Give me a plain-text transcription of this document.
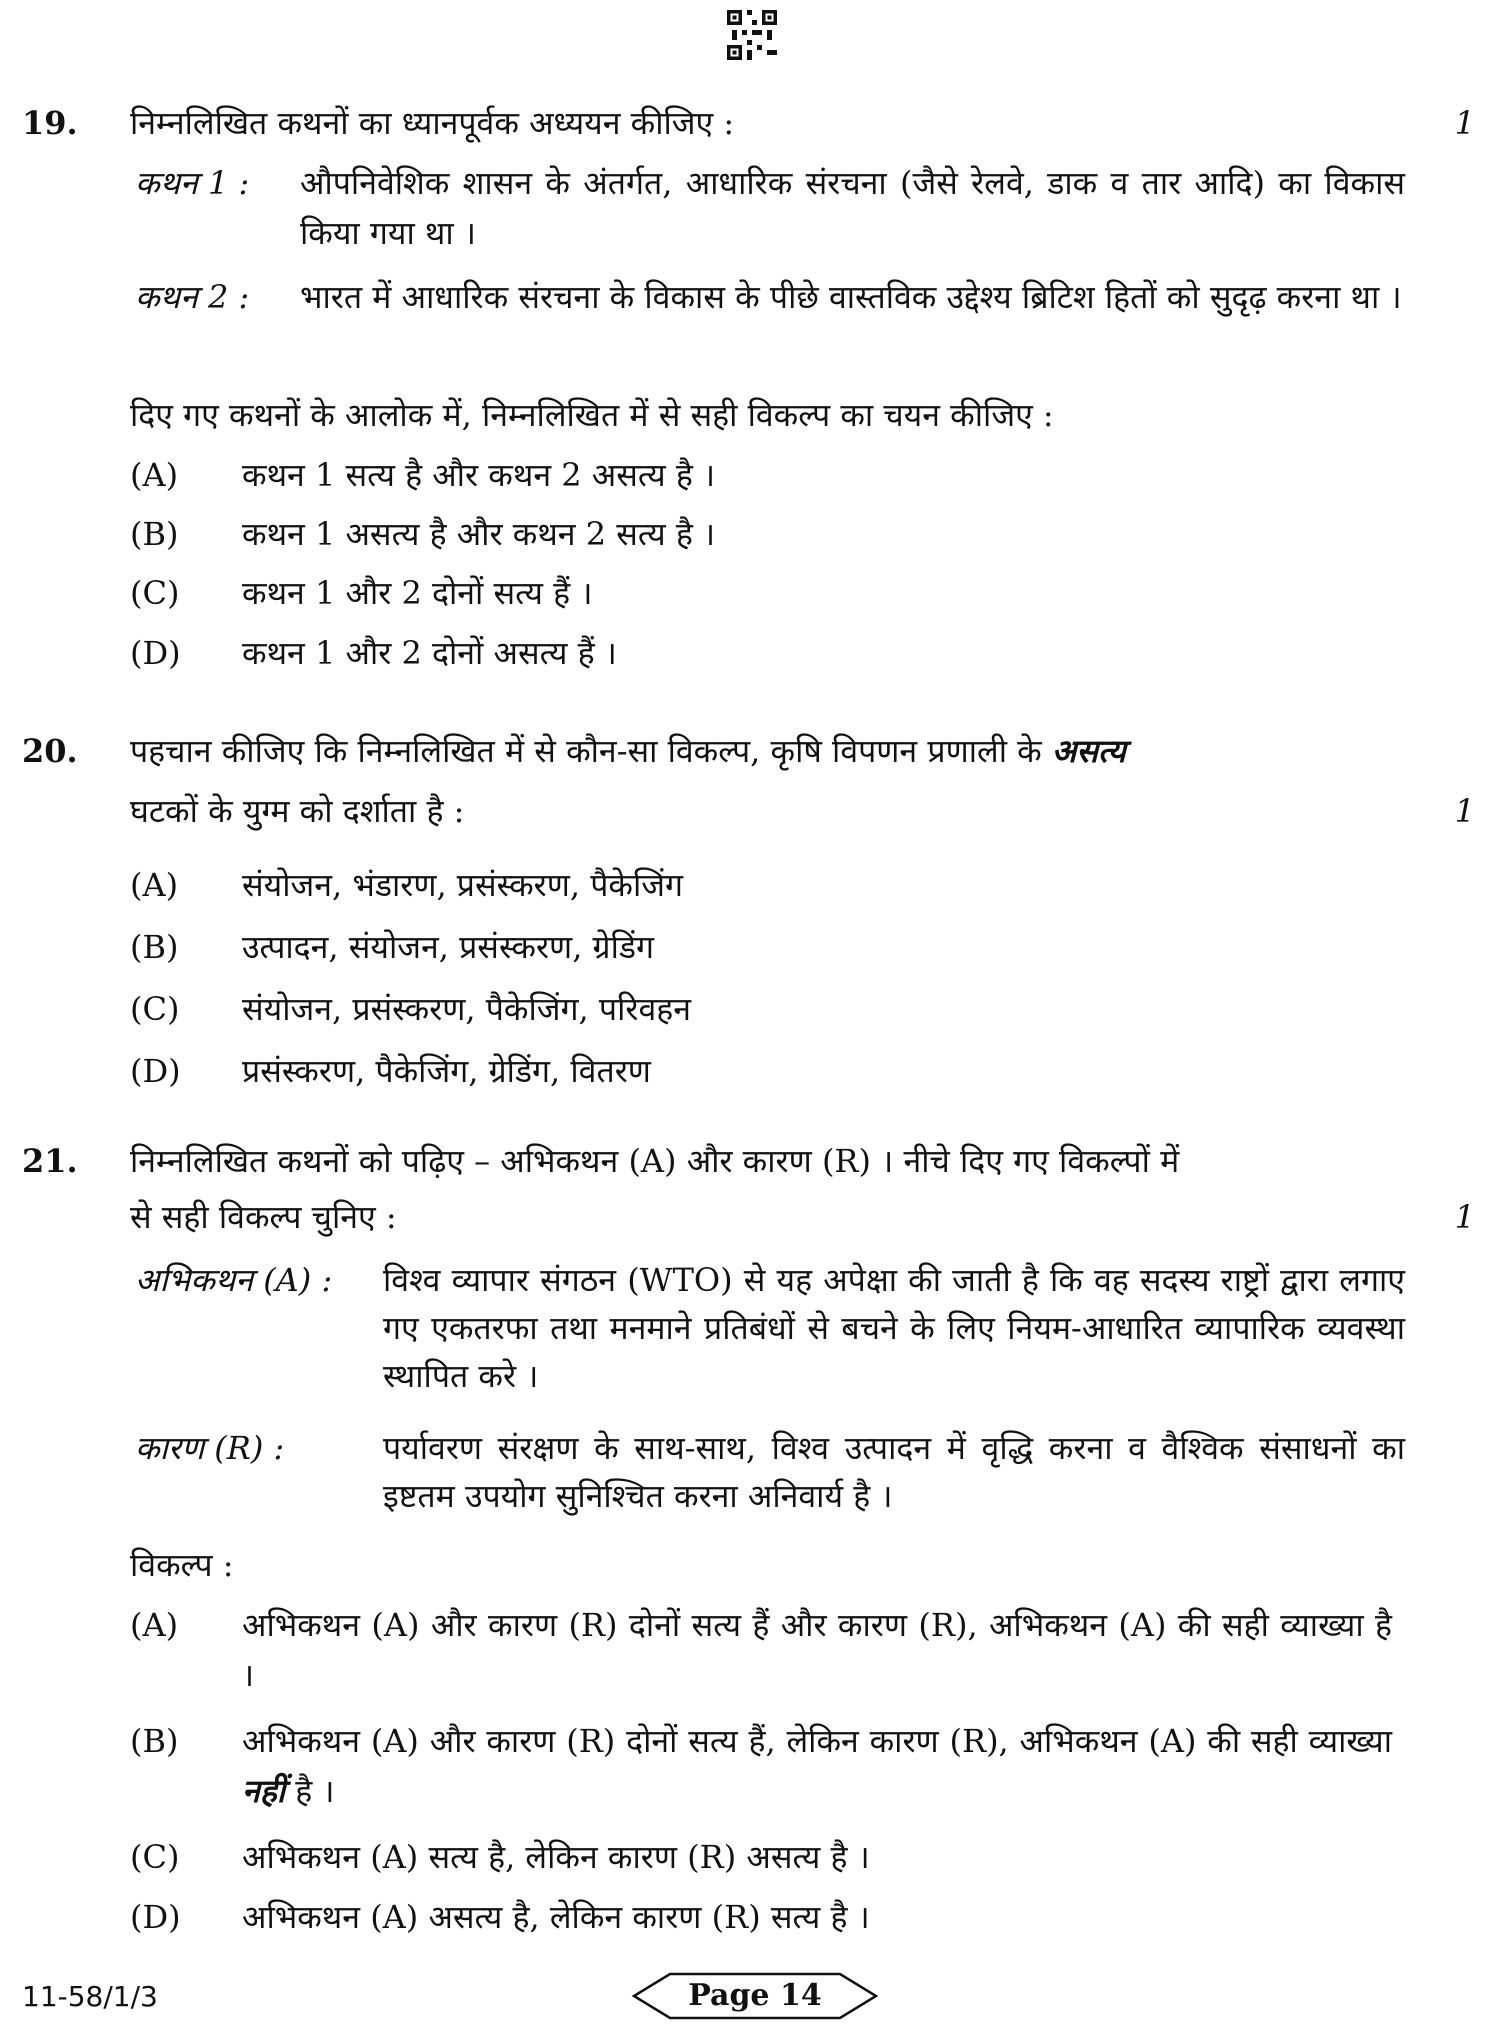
19. निम्नलिखित कथनों का ध्यानपूर्वक अध्ययन कीजिए :	1
कथन 1 : औपनिवेशिक शासन के अंतर्गत, आधारिक संरचना (जैसे रेलवे, डाक व तार आदि) का विकास किया गया था ।
कथन 2 : भारत में आधारिक संरचना के विकास के पीछे वास्तविक उद्देश्य ब्रिटिश हितों को सुदृढ़ करना था ।
दिए गए कथनों के आलोक में, निम्नलिखित में से सही विकल्प का चयन कीजिए :
(A) कथन 1 सत्य है और कथन 2 असत्य है ।
(B) कथन 1 असत्य है और कथन 2 सत्य है ।
(C) कथन 1 और 2 दोनों सत्य हैं ।
(D) कथन 1 और 2 दोनों असत्य हैं ।
20. पहचान कीजिए कि निम्नलिखित में से कौन-सा विकल्प, कृषि विपणन प्रणाली के असत्य
घटकों के युग्म को दर्शाता है :	1
(A) संयोजन, भंडारण, प्रसंस्करण, पैकेजिंग
(B) उत्पादन, संयोजन, प्रसंस्करण, ग्रेडिंग
(C) संयोजन, प्रसंस्करण, पैकेजिंग, परिवहन
(D) प्रसंस्करण, पैकेजिंग, ग्रेडिंग, वितरण
21. निम्नलिखित कथनों को पढ़िए – अभिकथन (A) और कारण (R) । नीचे दिए गए विकल्पों में
से सही विकल्प चुनिए :	1
अभिकथन (A) : विश्व व्यापार संगठन (WTO) से यह अपेक्षा की जाती है कि वह सदस्य राष्ट्रों द्वारा लगाए गए एकतरफा तथा मनमाने प्रतिबंधों से बचने के लिए नियम-आधारित व्यापारिक व्यवस्था स्थापित करे ।
कारण (R) :	पर्यावरण संरक्षण के साथ-साथ, विश्व उत्पादन में वृद्धि करना व वैश्विक संसाधनों का इष्टतम उपयोग सुनिश्चित करना अनिवार्य है ।
विकल्प :
(A) अभिकथन (A) और कारण (R) दोनों सत्य हैं और कारण (R), अभिकथन (A) की सही व्याख्या है ।
(B) अभिकथन (A) और कारण (R) दोनों सत्य हैं, लेकिन कारण (R), अभिकथन (A) की सही व्याख्या नहीं है ।
(C) अभिकथन (A) सत्य है, लेकिन कारण (R) असत्य है ।
(D) अभिकथन (A) असत्य है, लेकिन कारण (R) सत्य है ।
11-58/1/3	Page 14
